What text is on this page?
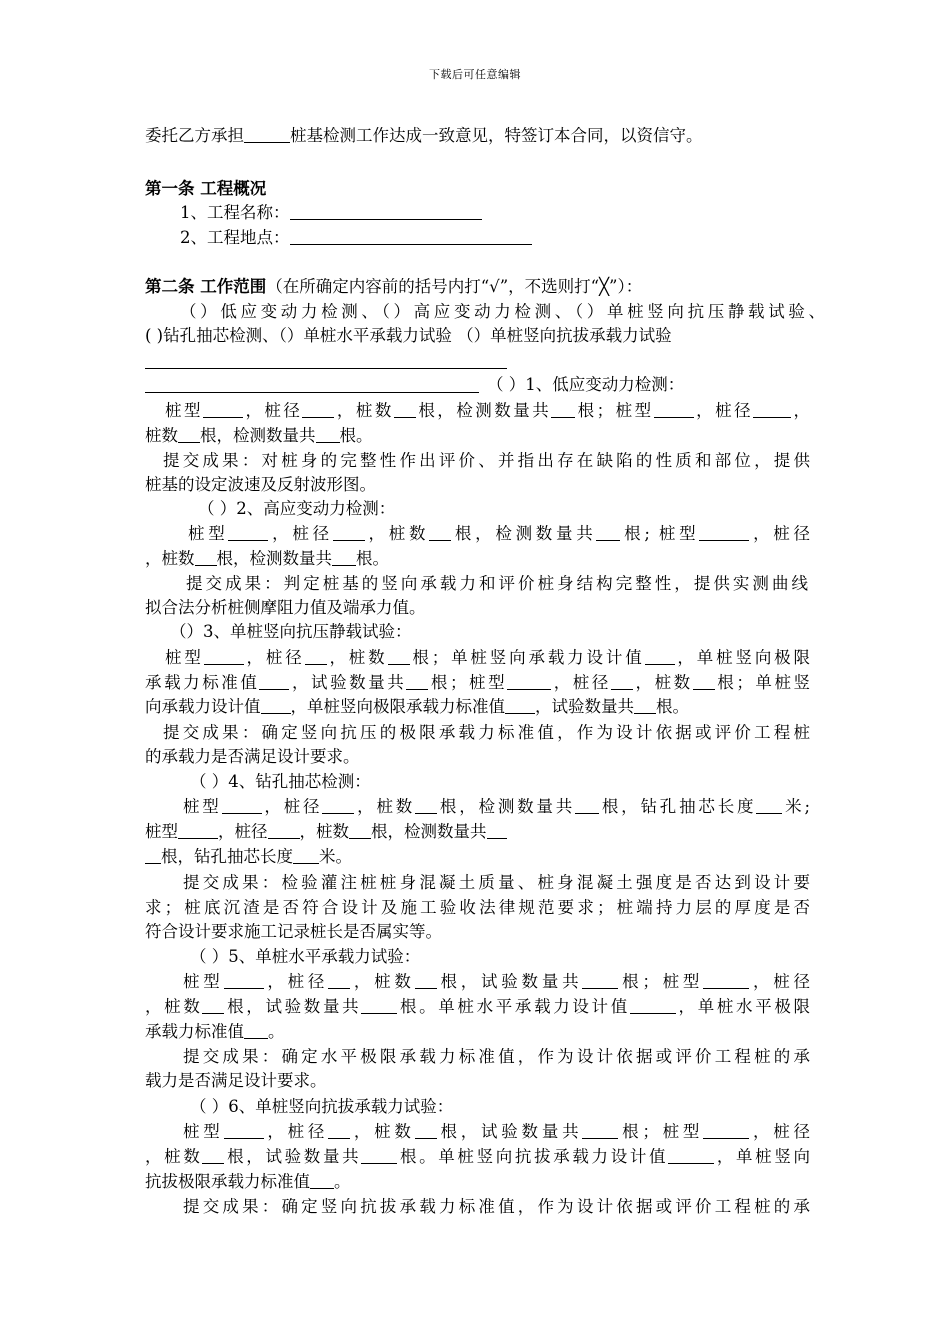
下载后可任意编辑
委托乙方承担	桩基检测工作达成一致意见，特签订本合同，以资信守。
第一条 工程概况
1、工程名称：
2、工程地点：
第二条 工作范围（在所确定内容前的括号内打“√”，不选则打“╳”）：
（）低应变动力检测、（）高应变动力检测、（）单桩竖向抗压静载试验、
( )钻孔抽芯检测、（）单桩水平承载力试验 （）单桩竖向抗拔承载力试验
（ ）1、低应变动力检测：
桩型 ，桩径 ，桩数 根，检测数量共 根；桩型 ，桩径 ，
桩数 根，检测数量共 根。
提交成果：对桩身的完整性作出评价、并指出存在缺陷的性质和部位，提供
桩基的设定波速及反射波形图。
（ ）2、高应变动力检测：
桩型 ，桩径 ，桩数 根，检测数量共 根; 桩型	，桩径
，桩数 根，检测数量共 根。
提交成果：判定桩基的竖向承载力和评价桩身结构完整性，提供实测曲线
拟合法分析桩侧摩阻力值及端承力值。
（）3、单桩竖向抗压静载试验：
桩型 ，桩径 ，桩数 根；单桩竖向承载力设计值 ，单桩竖向极限
承载力标准值 ，试验数量共 根；桩型	，桩径 ，桩数 根；单桩竖
向承载力设计值 ，单桩竖向极限承载力标准值 ，试验数量共 根。
提交成果：确定竖向抗压的极限承载力标准值，作为设计依据或评价工程桩
的承载力是否满足设计要求。
（ ）4、钻孔抽芯检测：
桩型 ，桩径 ，桩数 根，检测数量共 根，钻孔抽芯长度 米;
桩型 ，桩径 ，桩数 根，检测数量共
根，钻孔抽芯长度 米。
提交成果：检验灌注桩桩身混凝土质量、桩身混凝土强度是否达到设计要
求；桩底沉渣是否符合设计及施工验收法律规范要求；桩端持力层的厚度是否
符合设计要求施工记录桩长是否属实等。
（ ）5、单桩水平承载力试验：
桩型 ，桩径 ，桩数 根，试验数量共 根；桩型	，桩径
，桩数 根，试验数量共 根。单桩水平承载力设计值	，单桩水平极限
承载力标准值 。
提交成果：确定水平极限承载力标准值，作为设计依据或评价工程桩的承
载力是否满足设计要求。
（ ）6、单桩竖向抗拔承载力试验：
桩型 ，桩径 ，桩数 根，试验数量共 根；桩型	，桩径
，桩数 根，试验数量共 根。单桩竖向抗拔承载力设计值	，单桩竖向
抗拔极限承载力标准值 。
提交成果：确定竖向抗拔承载力标准值，作为设计依据或评价工程桩的承
